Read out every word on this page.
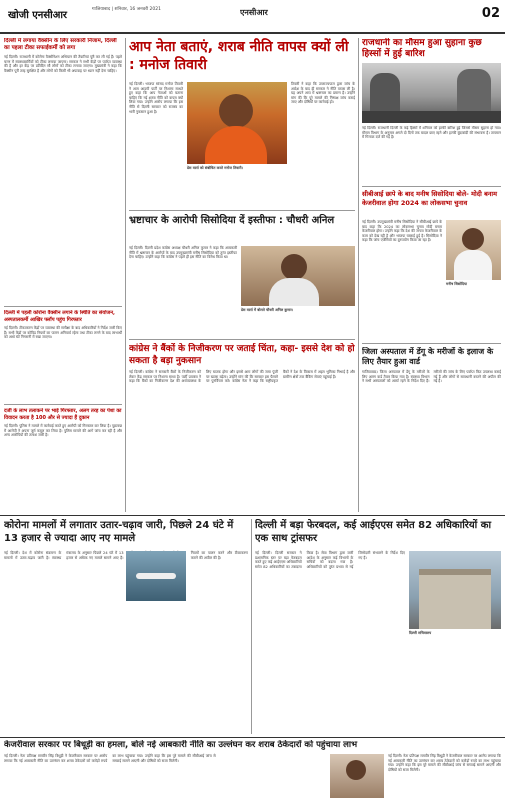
खोजी एनसीआर
गाजियाबाद | शनिवार, 16 जनवरी 2021	एनसीआर	02
दिल्ली में लगाया वैक्सीन के लिए सरकारी निजाम, दिल्ली का पहला टीका सफाईकर्मी को लगा
नई दिल्ली। राजधानी में कोरोना वैक्सीनेशन अभियान की तैयारियां पूरी कर ली गई हैं। पहले चरण में स्वास्थ्यकर्मियों को टीका लगाया जाएगा। सरकार ने सभी केंद्रों पर पर्याप्त व्यवस्था की है और हर केंद्र पर प्रतिदिन सौ लोगों को टीका लगाया जाएगा। मुख्यमंत्री ने कहा कि वैक्सीन पूरी तरह सुरक्षित है और लोगों को किसी भी अफवाह पर ध्यान नहीं देना चाहिए।
दिल्ली में पहली कोरोना वैक्सीन लगाने के स्थिति का संयोजन, अस्पतालकर्मी आखिर फ्लॉप पहुंच गिरफ्तार
नई दिल्ली। टीकाकरण केंद्रों पर व्यवस्था की समीक्षा के बाद अधिकारियों ने निर्देश जारी किए हैं। सभी केंद्रों पर कोविड नियमों का पालन अनिवार्य रहेगा तथा टीका लगने के बाद लाभार्थी को आधे घंटे निगरानी में रखा जाएगा।
दर्जी के लाभ तलाकने पर भाई गिरफ्तार, अलग तरह का पेशा का विवादन करता है 100 और से ज्यादा हैं दुकान
नई दिल्ली। पुलिस ने मामले में कार्रवाई करते हुए आरोपी को गिरफ्तार कर लिया है। पूछताछ में आरोपी ने अपना जुर्म कबूल कर लिया है। पुलिस मामले की आगे जांच कर रही है और अन्य आरोपियों की तलाश जारी है।
आप नेता बताएं, शराब नीति वापस क्यों ली : मनोज तिवारी
नई दिल्ली। भाजपा सांसद मनोज तिवारी ने आम आदमी पार्टी पर निशाना साधते हुए कहा कि आप नेताओं को बताना चाहिए कि नई शराब नीति को वापस क्यों लिया गया। उन्होंने आरोप लगाया कि इस नीति से दिल्ली सरकार को राजस्व का भारी नुकसान हुआ है।
प्रेस वार्ता को संबोधित करते मनोज तिवारी।
तिवारी ने कहा कि उपराज्यपाल द्वारा जांच के आदेश के बाद ही सरकार ने नीति वापस ली है। यह अपने आप में भ्रष्टाचार का प्रमाण है। उन्होंने मांग की कि पूरे मामले की निष्पक्ष जांच कराई जाए और दोषियों पर कार्रवाई हो।
राजधानी का मौसम हुआ सुहाना कुछ हिस्सों में हुई बारिश
नई दिल्ली। राजधानी दिल्ली के कई हिस्सों में शनिवार को हल्की बारिश हुई जिससे मौसम सुहाना हो गया। मौसम विभाग के अनुसार अगले दो दिनों तक बादल छाए रहने और हल्की बूंदाबांदी की संभावना है। तापमान में गिरावट दर्ज की गई है।
भ्रष्टाचार के आरोपी सिसोदिया दें इस्तीफा : चौधरी अनिल
नई दिल्ली। दिल्ली प्रदेश कांग्रेस अध्यक्ष चौधरी अनिल कुमार ने कहा कि आबकारी नीति में भ्रष्टाचार के आरोपों के बाद उपमुख्यमंत्री मनीष सिसोदिया को तुरंत इस्तीफा देना चाहिए। उन्होंने कहा कि कांग्रेस ने पहले ही इस नीति का विरोध किया था।
प्रेस वार्ता में बोलते चौधरी अनिल कुमार।
सीबीआई छापे के बाद मनीष सिसोदिया बोले- मोदी बनाम केजरीवाल होगा 2024 का लोकसभा चुनाव
नई दिल्ली। उपमुख्यमंत्री मनीष सिसोदिया ने सीबीआई छापे के बाद कहा कि 2024 का लोकसभा चुनाव मोदी बनाम केजरीवाल होगा। उन्होंने कहा कि देश की जनता केजरीवाल के काम को देख रही है और भाजपा घबराई हुई है। सिसोदिया ने कहा कि जांच एजेंसियों का दुरुपयोग किया जा रहा है।
मनीष सिसोदिया
कांग्रेस ने बैंकों के निजीकरण पर जताई चिंता, कहा- इससे देश को हो सकता है बड़ा नुकसान
नई दिल्ली। कांग्रेस ने सरकारी बैंकों के निजीकरण को लेकर केंद्र सरकार पर निशाना साधा है। पार्टी प्रवक्ता ने कहा कि बैंकों का निजीकरण देश की अर्थव्यवस्था के लिए घातक होगा और इससे आम लोगों की जमा पूंजी पर खतरा बढ़ेगा। उन्होंने मांग की कि सरकार इस फैसले पर पुनर्विचार करे। कांग्रेस नेता ने कहा कि राष्ट्रीयकृत बैंकों ने देश के विकास में अहम भूमिका निभाई है और ग्रामीण क्षेत्रों तक बैंकिंग सेवाएं पहुंचाई हैं।
जिला अस्पताल में डेंगू के मरीजों के इलाज के लिए तैयार हुआ वार्ड
गाजियाबाद। जिला अस्पताल में डेंगू के मरीजों के लिए अलग वार्ड तैयार किया गया है। स्वास्थ्य विभाग ने सभी अस्पतालों को अलर्ट रहने के निर्देश दिए हैं। मरीजों की जांच के लिए पर्याप्त किट उपलब्ध कराई गई हैं और लोगों से सावधानी बरतने की अपील की गई है।
कोरोना मामलों में लगातार उतार-चढ़ाव जारी, पिछले 24 घंटे में 13 हजार से ज्यादा आए नए मामले
नई दिल्ली। देश में कोरोना संक्रमण के मामलों में उतार-चढ़ाव जारी है। स्वास्थ्य मंत्रालय के अनुसार पिछले 24 घंटे में 13 हजार से अधिक नए मामले सामने आए हैं। नियमों का पालन करने और टीकाकरण कराने की अपील की है।
दिल्ली में बड़ा फेरबदल, कई आईएएस समेत 82 अधिकारियों का एक साथ ट्रांसफर
नई दिल्ली। दिल्ली सरकार ने प्रशासनिक स्तर पर बड़ा फेरबदल करते हुए कई आईएएस अधिकारियों समेत 82 अधिकारियों का तबादला किया है। सेवा विभाग द्वारा जारी आदेश के अनुसार कई विभागों के सचिवों को बदला गया है। अधिकारियों को तुरंत प्रभाव से नई जिम्मेदारी संभालने के निर्देश दिए गए हैं।
दिल्ली सचिवालय
केजरीवाल सरकार पर बिधूड़ी का हमला, बोले नई आबकारी नीति का उल्लंघन कर शराब ठेकेदारों को पहुंचाया लाभ
नई दिल्ली। नेता प्रतिपक्ष रामवीर सिंह बिधूड़ी ने केजरीवाल सरकार पर आरोप लगाया कि नई आबकारी नीति का उल्लंघन कर शराब ठेकेदारों को करोड़ों रुपये का लाभ पहुंचाया गया। उन्होंने कहा कि इस पूरे मामले की सीबीआई जांच से सच्चाई सामने आएगी और दोषियों को सजा मिलेगी।
नई दिल्ली। नेता प्रतिपक्ष रामवीर सिंह बिधूड़ी ने केजरीवाल सरकार पर आरोप लगाया कि नई आबकारी नीति का उल्लंघन कर शराब ठेकेदारों को करोड़ों रुपये का लाभ पहुंचाया गया। उन्होंने कहा कि इस पूरे मामले की सीबीआई जांच से सच्चाई सामने आएगी और दोषियों को सजा मिलेगी।
